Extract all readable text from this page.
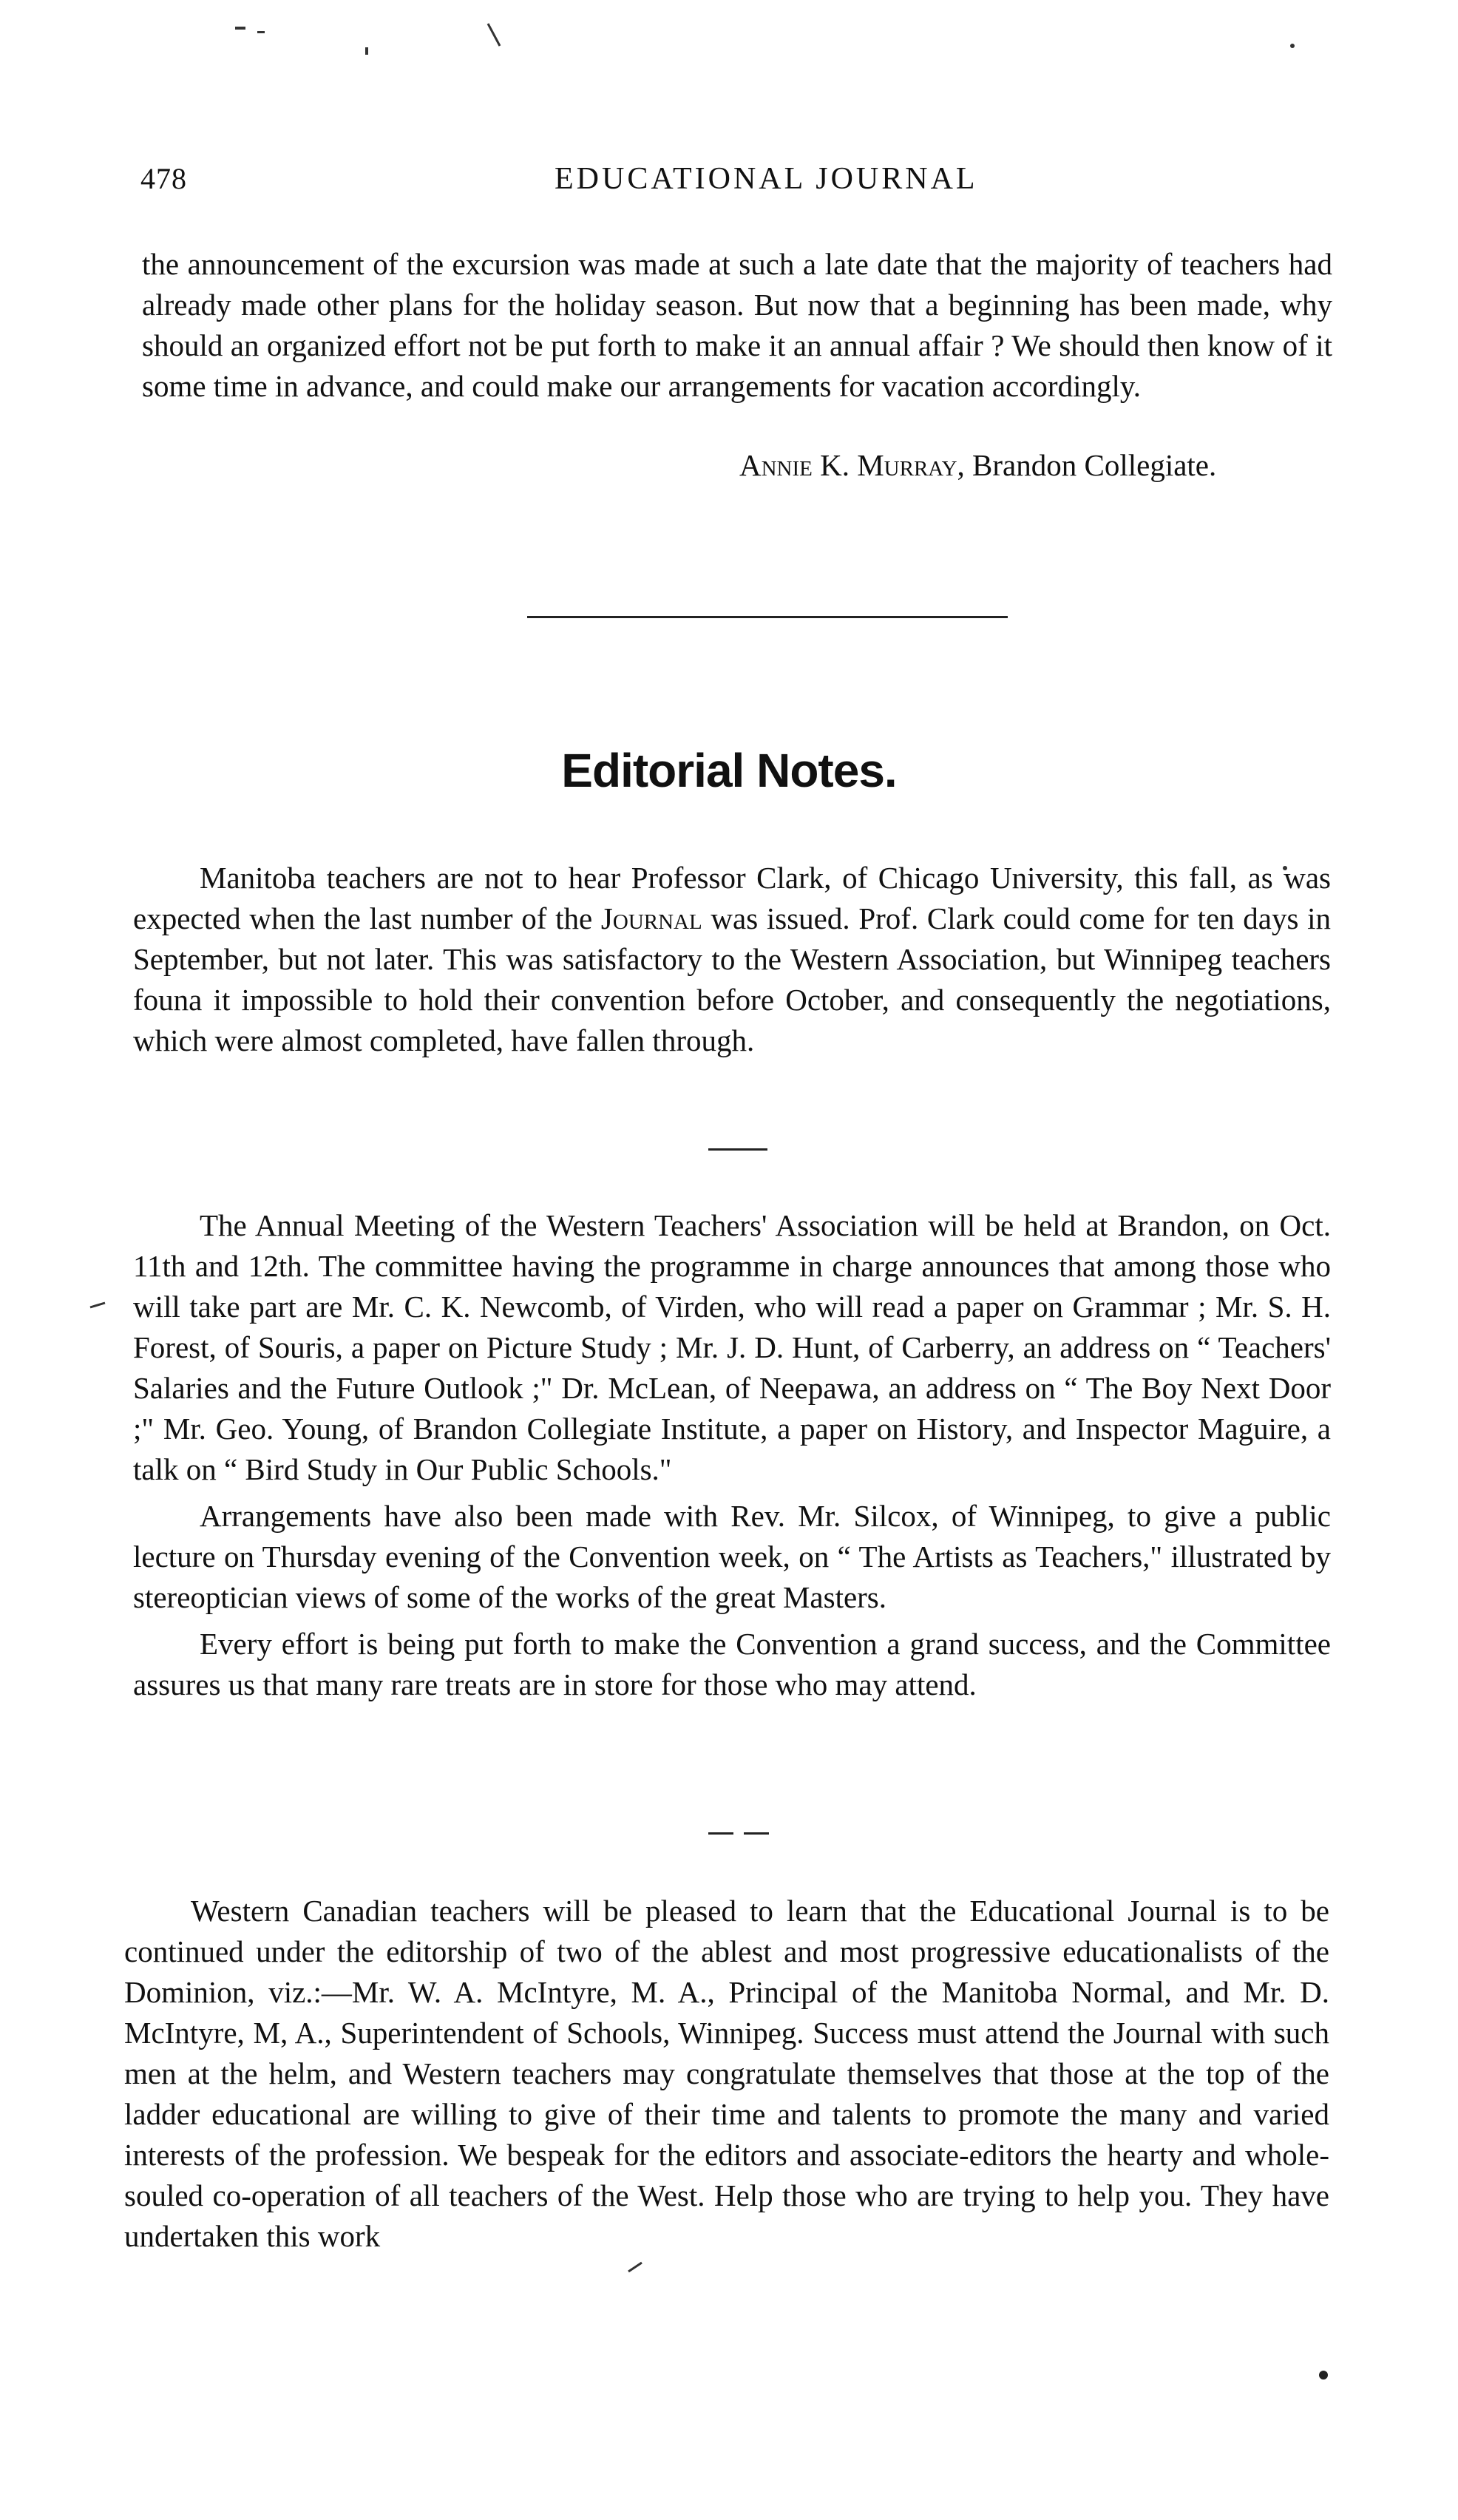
478	EDUCATIONAL JOURNAL

the announcement of the excursion was made at such a late date that the majority of teachers had already made other plans for the holiday season. But now that a beginning has been made, why should an organized effort not be put forth to make it an annual affair ? We should then know of it some time in advance, and could make our arrangements for vacation accordingly.

Annie K. Murray, Brandon Collegiate.
Editorial Notes.

Manitoba teachers are not to hear Professor Clark, of Chicago University, this fall, as was expected when the last number of the Journal was issued. Prof. Clark could come for ten days in September, but not later. This was satisfactory to the Western Association, but Winnipeg teachers founa it impossible to hold their convention before October, and consequently the negotiations, which were almost completed, have fallen through.

The Annual Meeting of the Western Teachers' Association will be held at Brandon, on Oct. 11th and 12th. The committee having the programme in charge announces that among those who will take part are Mr. C. K. Newcomb, of Virden, who will read a paper on Grammar ; Mr. S. H. Forest, of Souris, a paper on Picture Study ; Mr. J. D. Hunt, of Carberry, an address on “ Teachers' Salaries and the Future Outlook ;" Dr. McLean, of Neepawa, an address on “ The Boy Next Door ;" Mr. Geo. Young, of Brandon Collegiate Institute, a paper on History, and Inspector Maguire, a talk on “ Bird Study in Our Public Schools."

Arrangements have also been made with Rev. Mr. Silcox, of Winnipeg, to give a public lecture on Thursday evening of the Convention week, on “ The Artists as Teachers," illustrated by stereoptician views of some of the works of the great Masters.

Every effort is being put forth to make the Convention a grand success, and the Committee assures us that many rare treats are in store for those who may attend.

Western Canadian teachers will be pleased to learn that the Educational Journal is to be continued under the editorship of two of the ablest and most progressive educationalists of the Dominion, viz.:—Mr. W. A. McIntyre, M. A., Principal of the Manitoba Normal, and Mr. D. McIntyre, M, A., Superintendent of Schools, Winnipeg. Success must attend the Journal with such men at the helm, and Western teachers may congratulate themselves that those at the top of the ladder educational are willing to give of their time and talents to promote the many and varied interests of the profession. We bespeak for the editors and associate-editors the hearty and whole-souled co-operation of all teachers of the West. Help those who are trying to help you. They have undertaken this work
